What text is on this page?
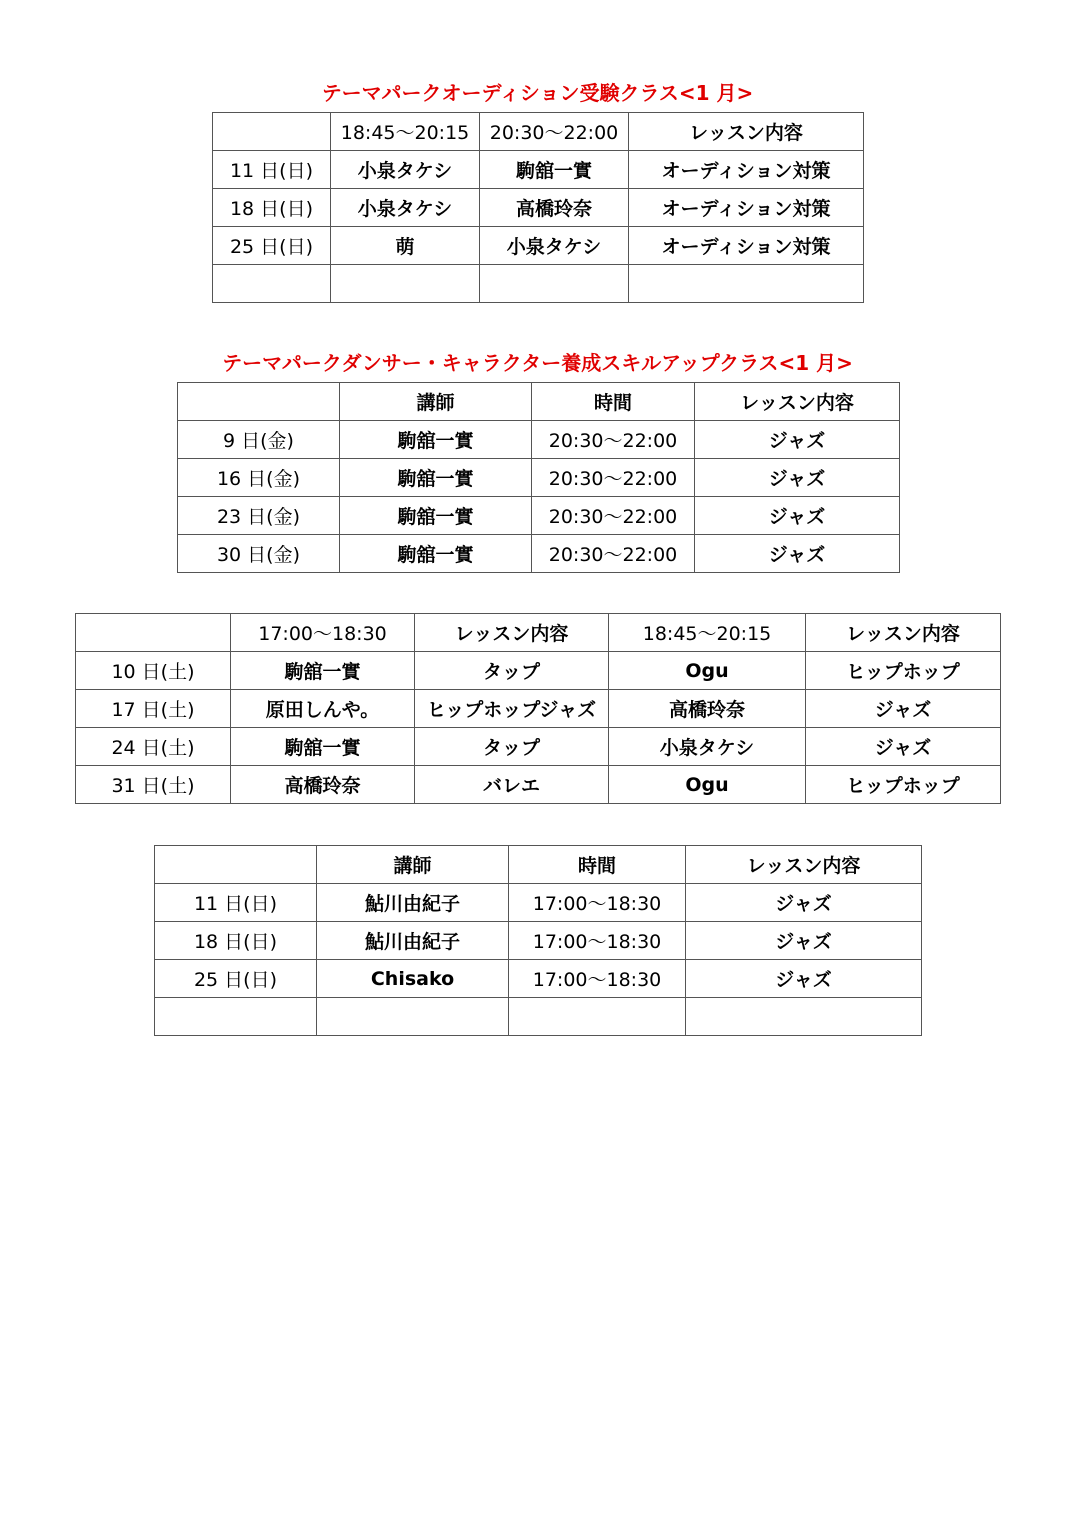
テーマパークオーディション受験クラス<1 月>
	18:45～20:15	20:30～22:00	レッスン内容
11 日(日)	小泉タケシ	駒舘一實	オーディション対策
18 日(日)	小泉タケシ	高橋玲奈	オーディション対策
25 日(日)	萌	小泉タケシ	オーディション対策

テーマパークダンサー・キャラクター養成スキルアップクラス<1 月>
	講師	時間	レッスン内容
9 日(金)	駒舘一實	20:30～22:00	ジャズ
16 日(金)	駒舘一實	20:30～22:00	ジャズ
23 日(金)	駒舘一實	20:30～22:00	ジャズ
30 日(金)	駒舘一實	20:30～22:00	ジャズ
	17:00～18:30	レッスン内容	18:45～20:15	レッスン内容
10 日(土)	駒舘一實	タップ	Ogu	ヒップホップ
17 日(土)	原田しんや。	ヒップホップジャズ	高橋玲奈	ジャズ
24 日(土)	駒舘一實	タップ	小泉タケシ	ジャズ
31 日(土)	高橋玲奈	バレエ	Ogu	ヒップホップ
	講師	時間	レッスン内容
11 日(日)	鮎川由紀子	17:00～18:30	ジャズ
18 日(日)	鮎川由紀子	17:00～18:30	ジャズ
25 日(日)	Chisako	17:00～18:30	ジャズ
